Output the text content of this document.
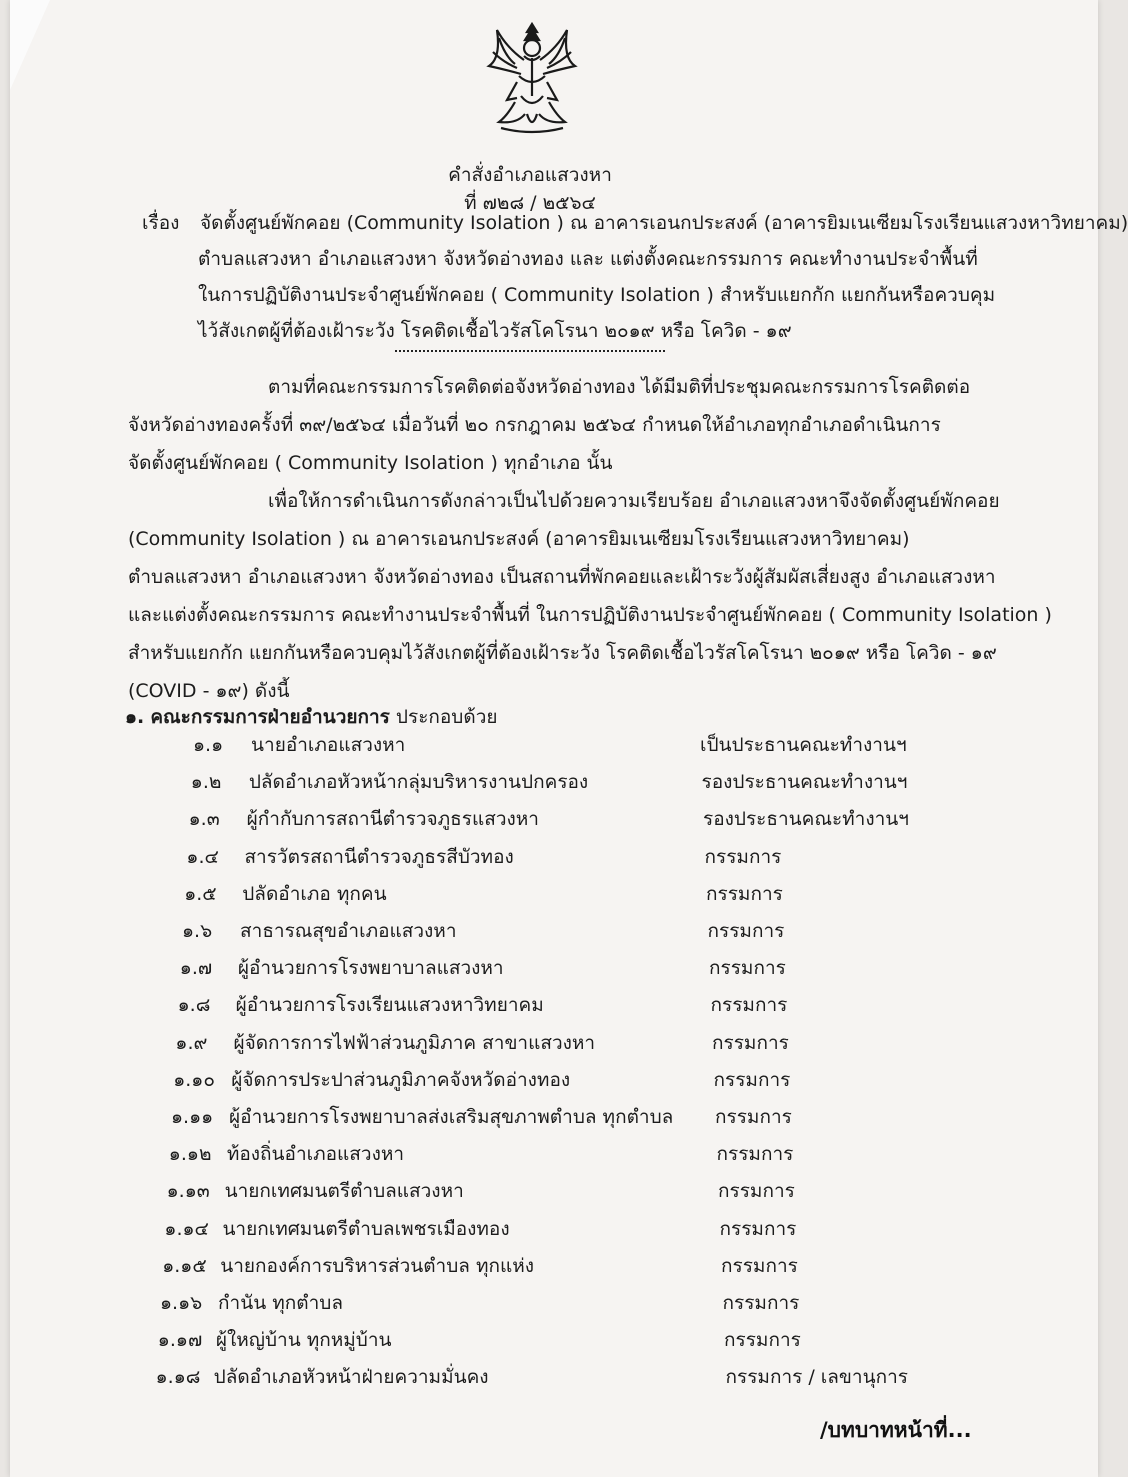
คำสั่งอำเภอแสวงหา
ที่ ๗๒๘ / ๒๕๖๔
เรื่อง	จัดตั้งศูนย์พักคอย (Community Isolation ) ณ อาคารเอนกประสงค์ (อาคารยิมเนเซียมโรงเรียนแสวงหาวิทยาคม)
ตำบลแสวงหา อำเภอแสวงหา จังหวัดอ่างทอง และ แต่งตั้งคณะกรรมการ คณะทำงานประจำพื้นที่
ในการปฏิบัติงานประจำศูนย์พักคอย ( Community Isolation ) สำหรับแยกกัก แยกกันหรือควบคุม
ไว้สังเกตผู้ที่ต้องเฝ้าระวัง โรคติดเชื้อไวรัสโคโรนา ๒๐๑๙ หรือ โควิด - ๑๙
ตามที่คณะกรรมการโรคติดต่อจังหวัดอ่างทอง ได้มีมติที่ประชุมคณะกรรมการโรคติดต่อ
จังหวัดอ่างทองครั้งที่ ๓๙/๒๕๖๔ เมื่อวันที่ ๒๐ กรกฎาคม ๒๕๖๔ กำหนดให้อำเภอทุกอำเภอดำเนินการ
จัดตั้งศูนย์พักคอย ( Community Isolation ) ทุกอำเภอ นั้น
เพื่อให้การดำเนินการดังกล่าวเป็นไปด้วยความเรียบร้อย อำเภอแสวงหาจึงจัดตั้งศูนย์พักคอย
(Community Isolation ) ณ อาคารเอนกประสงค์ (อาคารยิมเนเซียมโรงเรียนแสวงหาวิทยาคม)
ตำบลแสวงหา อำเภอแสวงหา จังหวัดอ่างทอง เป็นสถานที่พักคอยและเฝ้าระวังผู้สัมผัสเสี่ยงสูง อำเภอแสวงหา
และแต่งตั้งคณะกรรมการ คณะทำงานประจำพื้นที่ ในการปฏิบัติงานประจำศูนย์พักคอย ( Community Isolation )
สำหรับแยกกัก แยกกันหรือควบคุมไว้สังเกตผู้ที่ต้องเฝ้าระวัง โรคติดเชื้อไวรัสโคโรนา ๒๐๑๙ หรือ โควิด - ๑๙
(COVID - ๑๙) ดังนี้
๑. คณะกรรมการฝ่ายอำนวยการ ประกอบด้วย
๑.๑ นายอำเภอแสวงหา	เป็นประธานคณะทำงานฯ
๑.๒ ปลัดอำเภอหัวหน้ากลุ่มบริหารงานปกครอง	รองประธานคณะทำงานฯ
๑.๓ ผู้กำกับการสถานีตำรวจภูธรแสวงหา	รองประธานคณะทำงานฯ
๑.๔ สารวัตรสถานีตำรวจภูธรสีบัวทอง	กรรมการ
๑.๕ ปลัดอำเภอ ทุกคน	กรรมการ
๑.๖ สาธารณสุขอำเภอแสวงหา	กรรมการ
๑.๗ ผู้อำนวยการโรงพยาบาลแสวงหา	กรรมการ
๑.๘ ผู้อำนวยการโรงเรียนแสวงหาวิทยาคม	กรรมการ
๑.๙ ผู้จัดการการไฟฟ้าส่วนภูมิภาค สาขาแสวงหา	กรรมการ
๑.๑๐ ผู้จัดการประปาส่วนภูมิภาคจังหวัดอ่างทอง	กรรมการ
๑.๑๑ ผู้อำนวยการโรงพยาบาลส่งเสริมสุขภาพตำบล ทุกตำบล กรรมการ
๑.๑๒ ท้องถิ่นอำเภอแสวงหา	กรรมการ
๑.๑๓ นายกเทศมนตรีตำบลแสวงหา	กรรมการ
๑.๑๔ นายกเทศมนตรีตำบลเพชรเมืองทอง	กรรมการ
๑.๑๕ นายกองค์การบริหารส่วนตำบล ทุกแห่ง	กรรมการ
๑.๑๖ กำนัน ทุกตำบล	กรรมการ
๑.๑๗ ผู้ใหญ่บ้าน ทุกหมู่บ้าน	กรรมการ
๑.๑๘ ปลัดอำเภอหัวหน้าฝ่ายความมั่นคง	กรรมการ / เลขานุการ
/บทบาทหน้าที่...
